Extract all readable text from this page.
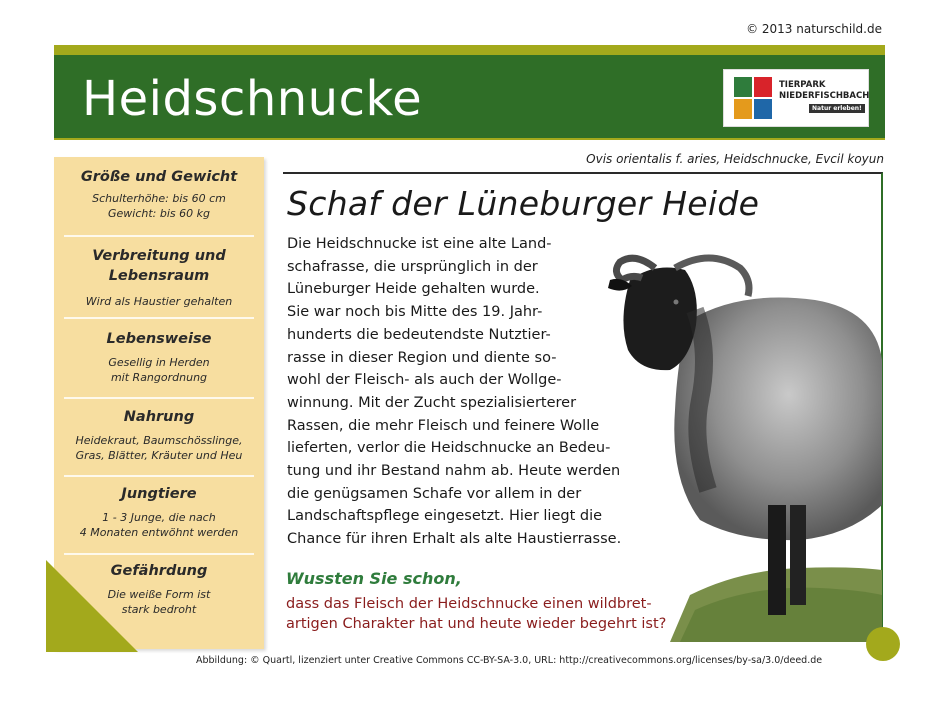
© 2013 naturschild.de
Heidschnucke	TIERPARK
NIEDERFISCHBACH
Natur erleben!
Größe und Gewicht
Schulterhöhe: bis 60 cm
Gewicht: bis 60 kg
Verbreitung und
Lebensraum
Wird als Haustier gehalten
Lebensweise
Gesellig in Herden
mit Rangordnung
Nahrung
Heidekraut, Baumschösslinge,
Gras, Blätter, Kräuter und Heu
Jungtiere
1 - 3 Junge, die nach
4 Monaten entwöhnt werden
Gefährdung
Die weiße Form ist
stark bedroht
Ovis orientalis f. aries, Heidschnucke, Evcil koyun
Schaf der Lüneburger Heide
Die Heidschnucke ist eine alte Land-
schafrasse, die ursprünglich in der
Lüneburger Heide gehalten wurde.
Sie war noch bis Mitte des 19. Jahr-
hunderts die bedeutendste Nutztier-
rasse in dieser Region und diente so-
wohl der Fleisch- als auch der Wollge-
winnung. Mit der Zucht spezialisierterer
Rassen, die mehr Fleisch und feinere Wolle
lieferten, verlor die Heidschnucke an Bedeu-
tung und ihr Bestand nahm ab. Heute werden
die genügsamen Schafe vor allem in der
Landschaftspflege eingesetzt. Hier liegt die
Chance für ihren Erhalt als alte Haustierrasse.
Wussten Sie schon,
dass das Fleisch der Heidschnucke einen wildbret-
artigen Charakter hat und heute wieder begehrt ist?
Abbildung: © Quartl, lizenziert unter Creative Commons CC-BY-SA-3.0, URL: http://creativecommons.org/licenses/by-sa/3.0/deed.de
